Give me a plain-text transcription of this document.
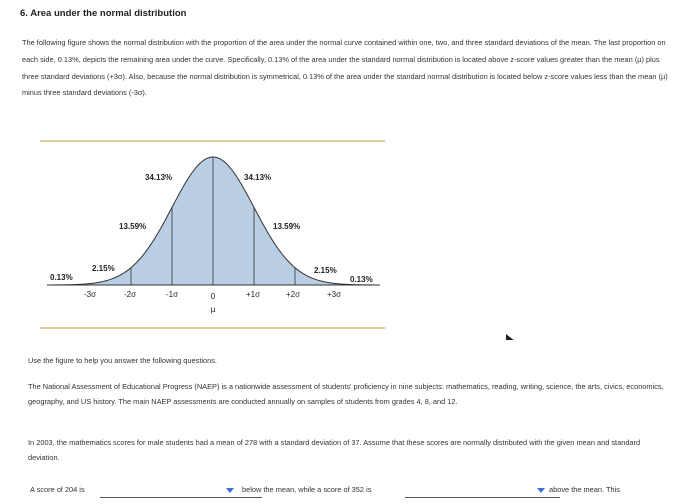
6. Area under the normal distribution
The following figure shows the normal distribution with the proportion of the area under the normal curve contained within one, two, and three standard deviations of the mean. The last proportion on each side, 0.13%, depicts the remaining area under the curve. Specifically, 0.13% of the area under the standard normal distribution is located above z-score values greater than the mean (µ) plus three standard deviations (+3σ). Also, because the normal distribution is symmetrical, 0.13% of the area under the standard normal distribution is located below z-score values less than the mean (µ) minus three standard deviations (-3σ).
34.13%	34.13%
13.59%	13.59%
2.15%	2.15%
0.13%	0.13%
-3σ	-2σ	-1σ	0	+1σ	+2σ	+3σ
µ
Use the figure to help you answer the following questions.
The National Assessment of Educational Progress (NAEP) is a nationwide assessment of students' proficiency in nine subjects: mathematics, reading, writing, science, the arts, civics, economics, geography, and US history. The main NAEP assessments are conducted annually on samples of students from grades 4, 8, and 12.
In 2003, the mathematics scores for male students had a mean of 278 with a standard deviation of 37. Assume that these scores are normally distributed with the given mean and standard deviation.
A score of 204 is	below the mean, while a score of 352 is	above the mean. This
